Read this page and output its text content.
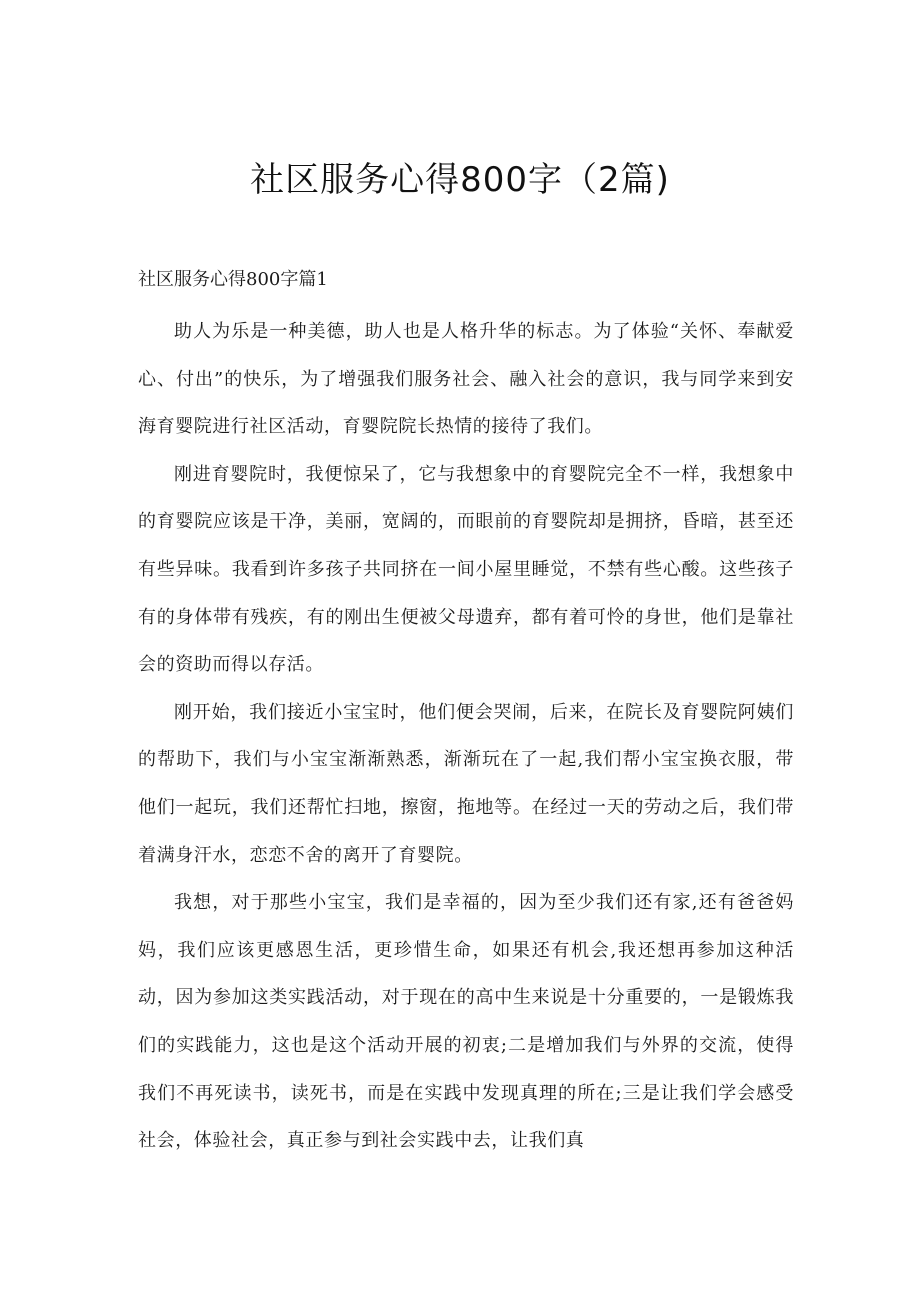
社区服务心得800字（2篇)

社区服务心得800字篇1

助人为乐是一种美德，助人也是人格升华的标志。为了体验“关怀、奉献爱心、付出”的快乐，为了增强我们服务社会、融入社会的意识，我与同学来到安海育婴院进行社区活动，育婴院院长热情的接待了我们。

刚进育婴院时，我便惊呆了，它与我想象中的育婴院完全不一样，我想象中的育婴院应该是干净，美丽，宽阔的，而眼前的育婴院却是拥挤，昏暗，甚至还有些异味。我看到许多孩子共同挤在一间小屋里睡觉，不禁有些心酸。这些孩子有的身体带有残疾，有的刚出生便被父母遗弃，都有着可怜的身世，他们是靠社会的资助而得以存活。

刚开始，我们接近小宝宝时，他们便会哭闹，后来，在院长及育婴院阿姨们的帮助下，我们与小宝宝渐渐熟悉，渐渐玩在了一起,我们帮小宝宝换衣服，带他们一起玩，我们还帮忙扫地，擦窗，拖地等。在经过一天的劳动之后，我们带着满身汗水，恋恋不舍的离开了育婴院。

我想，对于那些小宝宝，我们是幸福的，因为至少我们还有家,还有爸爸妈妈，我们应该更感恩生活，更珍惜生命，如果还有机会,我还想再参加这种活动，因为参加这类实践活动，对于现在的高中生来说是十分重要的，一是锻炼我们的实践能力，这也是这个活动开展的初衷;二是增加我们与外界的交流，使得我们不再死读书，读死书，而是在实践中发现真理的所在;三是让我们学会感受社会，体验社会，真正参与到社会实践中去，让我们真
